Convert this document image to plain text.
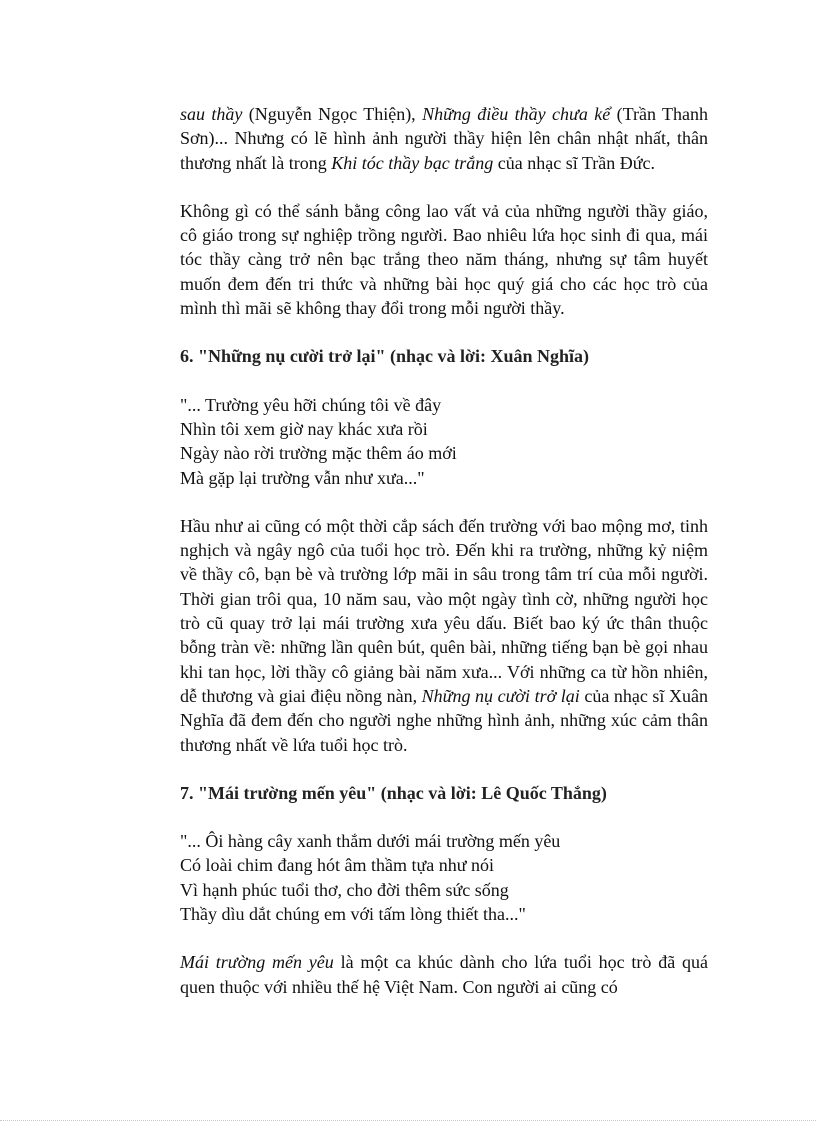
sau thầy (Nguyễn Ngọc Thiện), Những điều thầy chưa kể (Trần Thanh Sơn)... Nhưng có lẽ hình ảnh người thầy hiện lên chân nhật nhất, thân thương nhất là trong Khi tóc thầy bạc trắng của nhạc sĩ Trần Đức.

Không gì có thể sánh bằng công lao vất vả của những người thầy giáo, cô giáo trong sự nghiệp trồng người. Bao nhiêu lứa học sinh đi qua, mái tóc thầy càng trở nên bạc trắng theo năm tháng, nhưng sự tâm huyết muốn đem đến tri thức và những bài học quý giá cho các học trò của mình thì mãi sẽ không thay đổi trong mỗi người thầy.

6. "Những nụ cười trở lại" (nhạc và lời: Xuân Nghĩa)

"... Trường yêu hỡi chúng tôi về đây
Nhìn tôi xem giờ nay khác xưa rồi
Ngày nào rời trường mặc thêm áo mới
Mà gặp lại trường vẫn như xưa..."

Hầu như ai cũng có một thời cắp sách đến trường với bao mộng mơ, tinh nghịch và ngây ngô của tuổi học trò. Đến khi ra trường, những kỷ niệm về thầy cô, bạn bè và trường lớp mãi in sâu trong tâm trí của mỗi người. Thời gian trôi qua, 10 năm sau, vào một ngày tình cờ, những người học trò cũ quay trở lại mái trường xưa yêu dấu. Biết bao ký ức thân thuộc bỗng tràn về: những lần quên bút, quên bài, những tiếng bạn bè gọi nhau khi tan học, lời thầy cô giảng bài năm xưa... Với những ca từ hồn nhiên, dễ thương và giai điệu nồng nàn, Những nụ cười trở lại của nhạc sĩ Xuân Nghĩa đã đem đến cho người nghe những hình ảnh, những xúc cảm thân thương nhất về lứa tuổi học trò.

7. "Mái trường mến yêu" (nhạc và lời: Lê Quốc Thắng)

"... Ôi hàng cây xanh thắm dưới mái trường mến yêu
Có loài chim đang hót âm thầm tựa như nói
Vì hạnh phúc tuổi thơ, cho đời thêm sức sống
Thầy dìu dắt chúng em với tấm lòng thiết tha..."

Mái trường mến yêu là một ca khúc dành cho lứa tuổi học trò đã quá quen thuộc với nhiều thế hệ Việt Nam. Con người ai cũng có
